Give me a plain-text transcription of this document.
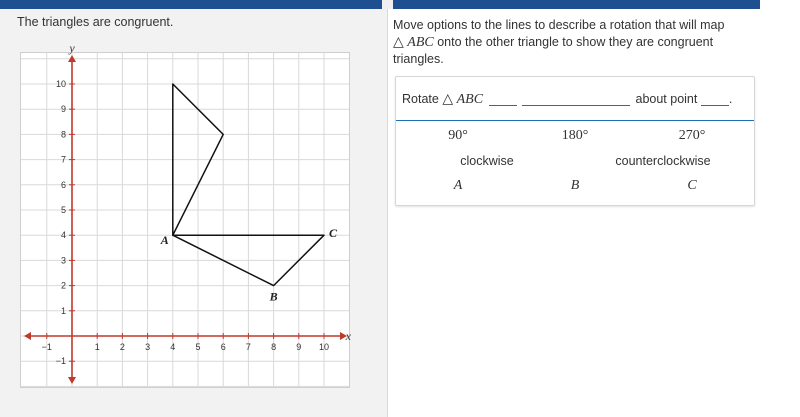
The triangles are congruent.
−1	1 2 3 4 5 6 7 8 9 10
−1
1
2
3
4
5
6
7
8
9
10
x
y
A
B
C
Move options to the lines to describe a rotation that will map
△ ABC onto the other triangle to show they are congruent triangles.
Rotate △ ABC	about point	.
90°	180°	270°
clockwise	counterclockwise
A	B	C
